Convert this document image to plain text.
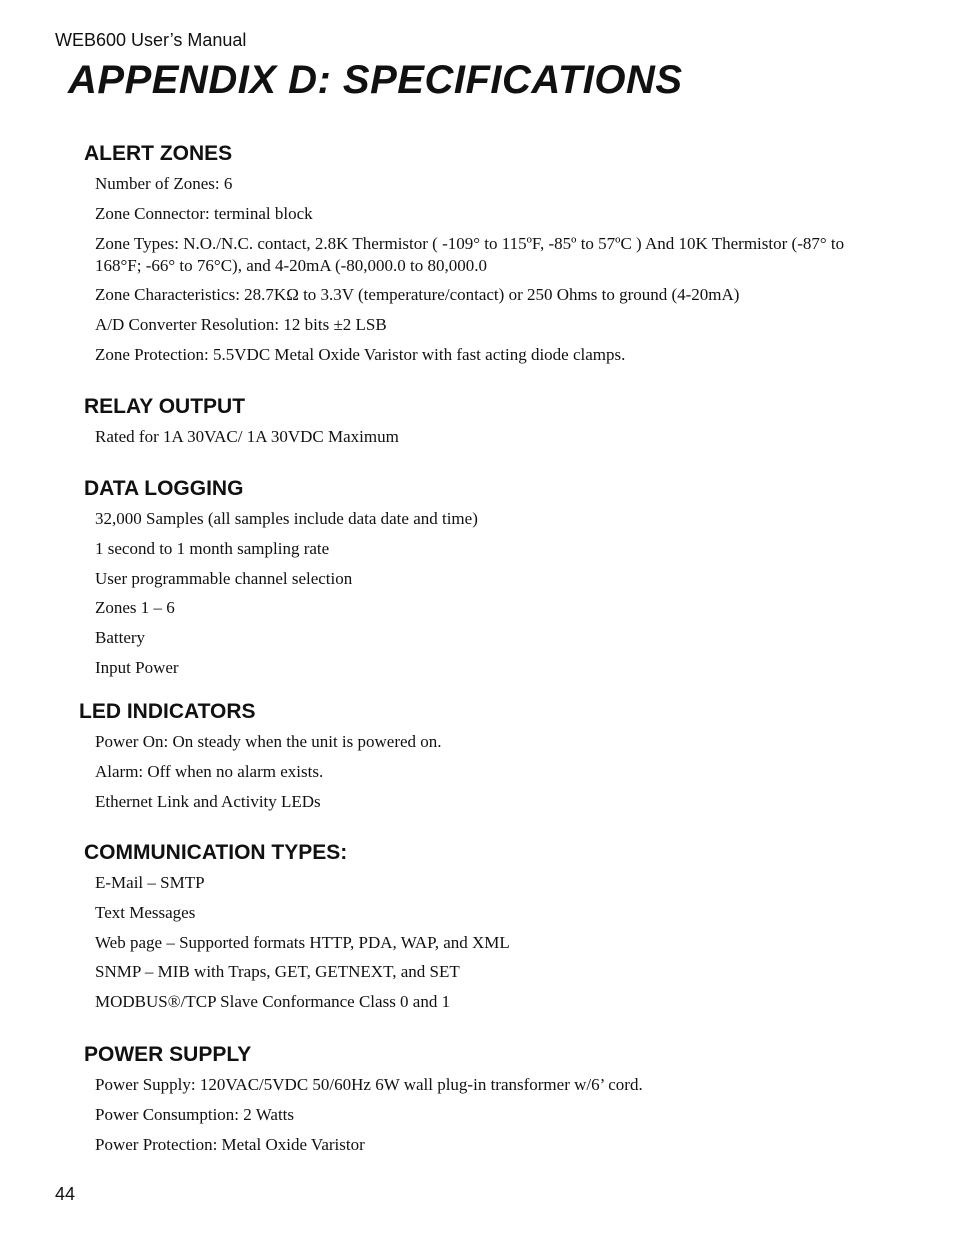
WEB600 User’s Manual
APPENDIX D: SPECIFICATIONS
ALERT ZONES
Number of Zones: 6
Zone Connector: terminal block
Zone Types: N.O./N.C. contact, 2.8K Thermistor ( -109° to 115ºF, -85º to 57ºC ) And 10K Thermistor (-87° to 168°F; -66° to 76°C), and 4-20mA (-80,000.0 to 80,000.0
Zone Characteristics: 28.7KΩ to 3.3V (temperature/contact) or 250 Ohms to ground (4-20mA)
A/D Converter Resolution: 12 bits ±2 LSB
Zone Protection: 5.5VDC Metal Oxide Varistor with fast acting diode clamps.
RELAY OUTPUT
Rated for 1A 30VAC/ 1A 30VDC Maximum
DATA LOGGING
32,000 Samples (all samples include data date and time)
1 second to 1 month sampling rate
User programmable channel selection
Zones 1 – 6
Battery
Input Power
LED INDICATORS
Power On: On steady when the unit is powered on.
Alarm: Off when no alarm exists.
Ethernet Link and Activity LEDs
COMMUNICATION TYPES:
E-Mail – SMTP
Text Messages
Web page – Supported formats HTTP, PDA, WAP, and XML
SNMP – MIB with Traps, GET, GETNEXT, and SET
MODBUS®/TCP Slave Conformance Class 0 and 1
POWER SUPPLY
Power Supply: 120VAC/5VDC 50/60Hz 6W wall plug-in transformer w/6’ cord.
Power Consumption: 2 Watts
Power Protection: Metal Oxide Varistor
44
